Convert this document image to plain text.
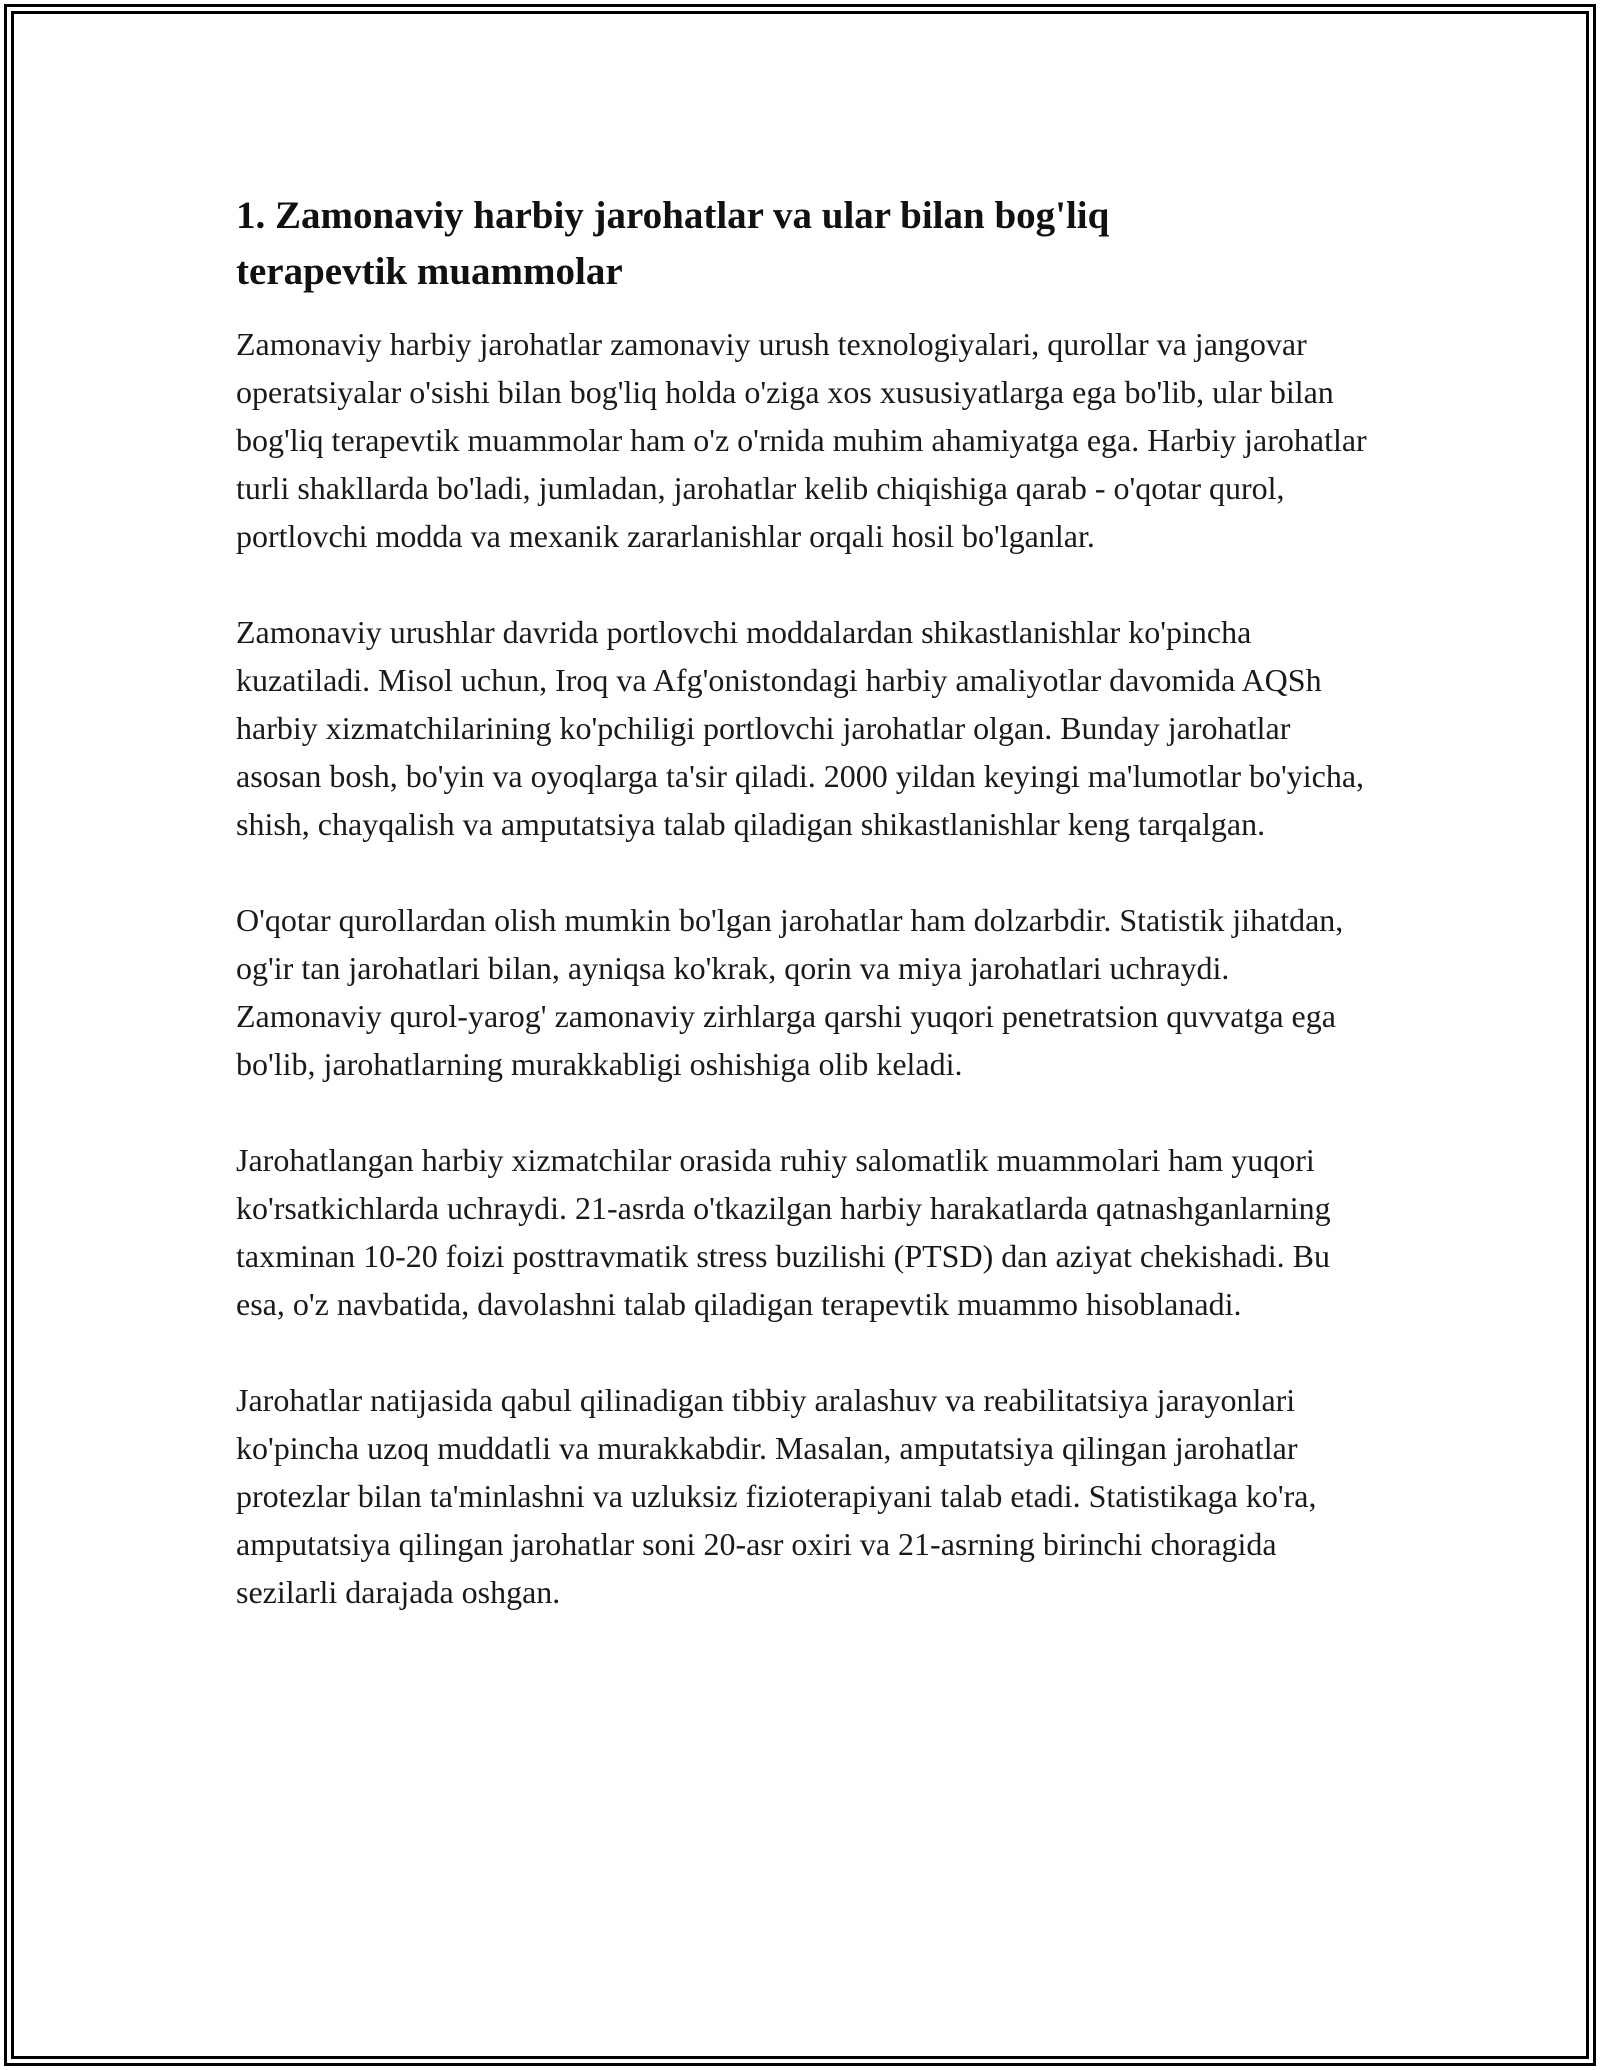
1. Zamonaviy harbiy jarohatlar va ular bilan bog'liq
terapevtik muammolar

Zamonaviy harbiy jarohatlar zamonaviy urush texnologiyalari, qurollar va jangovar operatsiyalar o'sishi bilan bog'liq holda o'ziga xos xususiyatlarga ega bo'lib, ular bilan bog'liq terapevtik muammolar ham o'z o'rnida muhim ahamiyatga ega. Harbiy jarohatlar turli shakllarda bo'ladi, jumladan, jarohatlar kelib chiqishiga qarab - o'qotar qurol, portlovchi modda va mexanik zararlanishlar orqali hosil bo'lganlar.

Zamonaviy urushlar davrida portlovchi moddalardan shikastlanishlar ko'pincha kuzatiladi. Misol uchun, Iroq va Afg'onistondagi harbiy amaliyotlar davomida AQSh harbiy xizmatchilarining ko'pchiligi portlovchi jarohatlar olgan. Bunday jarohatlar asosan bosh, bo'yin va oyoqlarga ta'sir qiladi. 2000 yildan keyingi ma'lumotlar bo'yicha, shish, chayqalish va amputatsiya talab qiladigan shikastlanishlar keng tarqalgan.

O'qotar qurollardan olish mumkin bo'lgan jarohatlar ham dolzarbdir. Statistik jihatdan, og'ir tan jarohatlari bilan, ayniqsa ko'krak, qorin va miya jarohatlari uchraydi. Zamonaviy qurol-yarog' zamonaviy zirhlarga qarshi yuqori penetratsion quvvatga ega bo'lib, jarohatlarning murakkabligi oshishiga olib keladi.

Jarohatlangan harbiy xizmatchilar orasida ruhiy salomatlik muammolari ham yuqori ko'rsatkichlarda uchraydi. 21-asrda o'tkazilgan harbiy harakatlarda qatnashganlarning taxminan 10-20 foizi posttravmatik stress buzilishi (PTSD) dan aziyat chekishadi. Bu esa, o'z navbatida, davolashni talab qiladigan terapevtik muammo hisoblanadi.

Jarohatlar natijasida qabul qilinadigan tibbiy aralashuv va reabilitatsiya jarayonlari ko'pincha uzoq muddatli va murakkabdir. Masalan, amputatsiya qilingan jarohatlar protezlar bilan ta'minlashni va uzluksiz fizioterapiyani talab etadi. Statistikaga ko'ra, amputatsiya qilingan jarohatlar soni 20-asr oxiri va 21-asrning birinchi choragida sezilarli darajada oshgan.
